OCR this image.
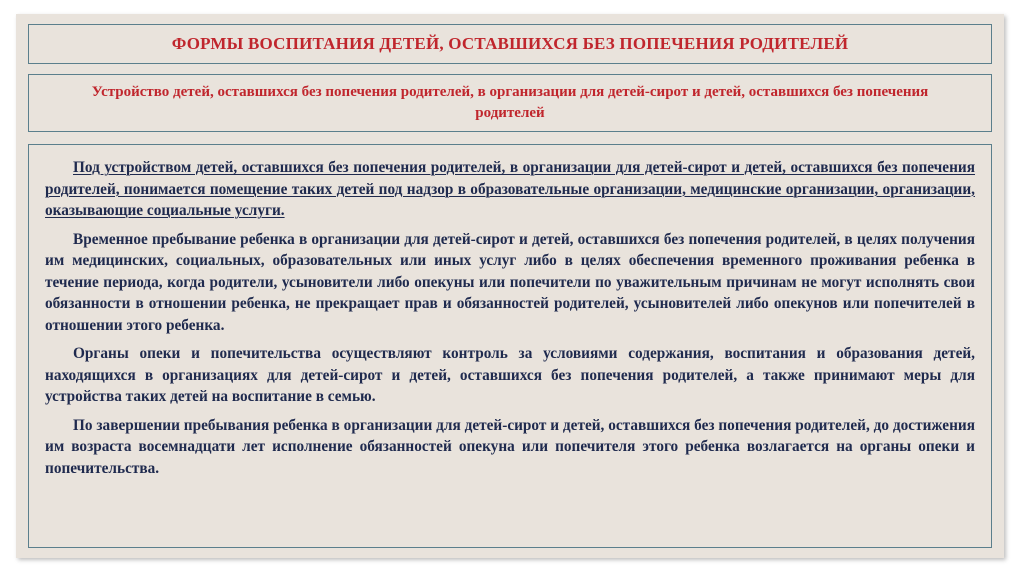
ФОРМЫ ВОСПИТАНИЯ ДЕТЕЙ, ОСТАВШИХСЯ БЕЗ ПОПЕЧЕНИЯ РОДИТЕЛЕЙ
Устройство детей, оставшихся без попечения родителей, в организации для детей-сирот и детей, оставшихся без попечения родителей

Под устройством детей, оставшихся без попечения родителей, в организации для детей-сирот и детей, оставшихся без попечения родителей, понимается помещение таких детей под надзор в образовательные организации, медицинские организации, организации, оказывающие социальные услуги.

Временное пребывание ребенка в организации для детей-сирот и детей, оставшихся без попечения родителей, в целях получения им медицинских, социальных, образовательных или иных услуг либо в целях обеспечения временного проживания ребенка в течение периода, когда родители, усыновители либо опекуны или попечители по уважительным причинам не могут исполнять свои обязанности в отношении ребенка, не прекращает прав и обязанностей родителей, усыновителей либо опекунов или попечителей в отношении этого ребенка.

Органы опеки и попечительства осуществляют контроль за условиями содержания, воспитания и образования детей, находящихся в организациях для детей-сирот и детей, оставшихся без попечения родителей, а также принимают меры для устройства таких детей на воспитание в семью.

По завершении пребывания ребенка в организации для детей-сирот и детей, оставшихся без попечения родителей, до достижения им возраста восемнадцати лет исполнение обязанностей опекуна или попечителя этого ребенка возлагается на органы опеки и попечительства.
